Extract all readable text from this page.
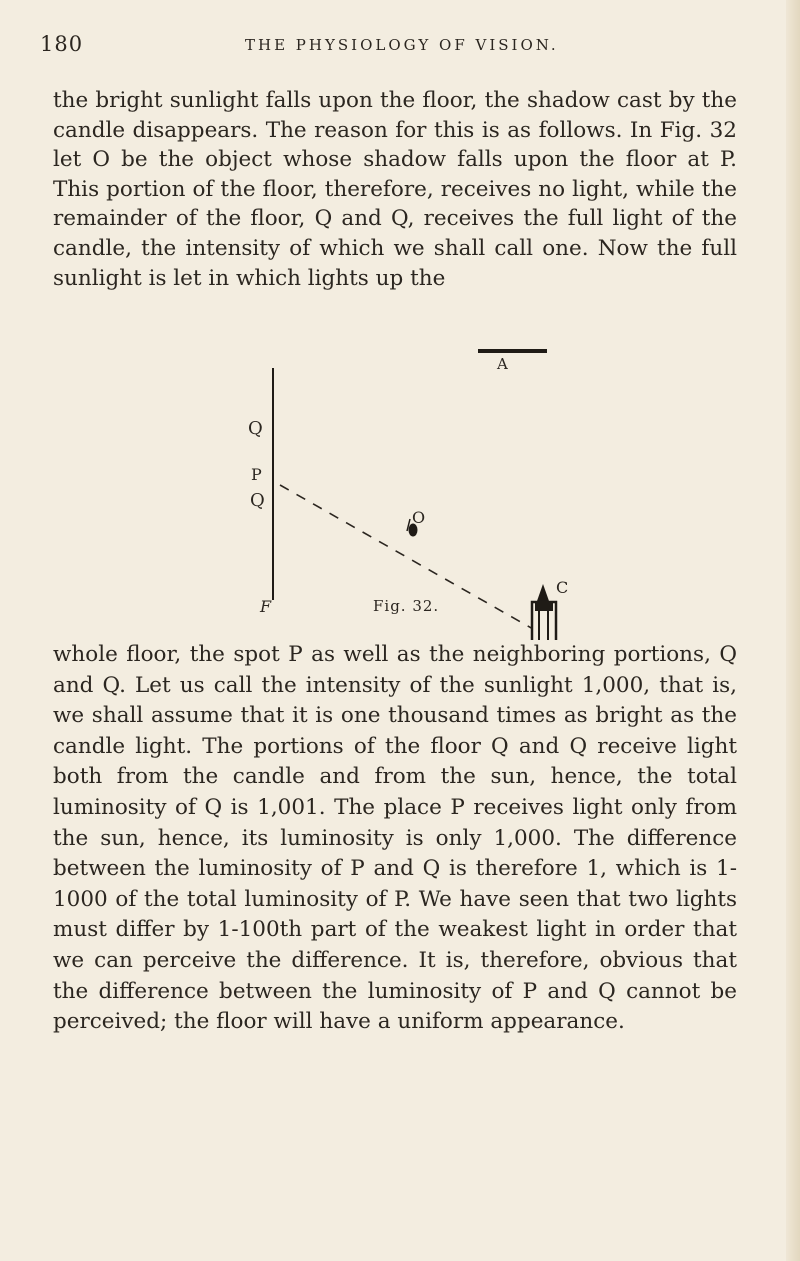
180	THE PHYSIOLOGY OF VISION.

the bright sunlight falls upon the floor, the shadow cast by the candle disappears. The reason for this is as follows. In Fig. 32 let O be the object whose shadow falls upon the floor at P. This portion of the floor, therefore, receives no light, while the remainder of the floor, Q and Q, receives the full light of the candle, the intensity of which we shall call one. Now the full sunlight is let in which lights up the

A
Q
P
Q
O
C
F	Fig. 32.

whole floor, the spot P as well as the neighboring portions, Q and Q. Let us call the intensity of the sunlight 1,000, that is, we shall assume that it is one thousand times as bright as the candle light. The portions of the floor Q and Q receive light both from the candle and from the sun, hence, the total luminosity of Q is 1,001. The place P receives light only from the sun, hence, its luminosity is only 1,000. The difference between the luminosity of P and Q is therefore 1, which is 1-1000 of the total luminosity of P. We have seen that two lights must differ by 1-100th part of the weakest light in order that we can perceive the difference. It is, therefore, obvious that the difference between the luminosity of P and Q cannot be perceived; the floor will have a uniform appearance.
